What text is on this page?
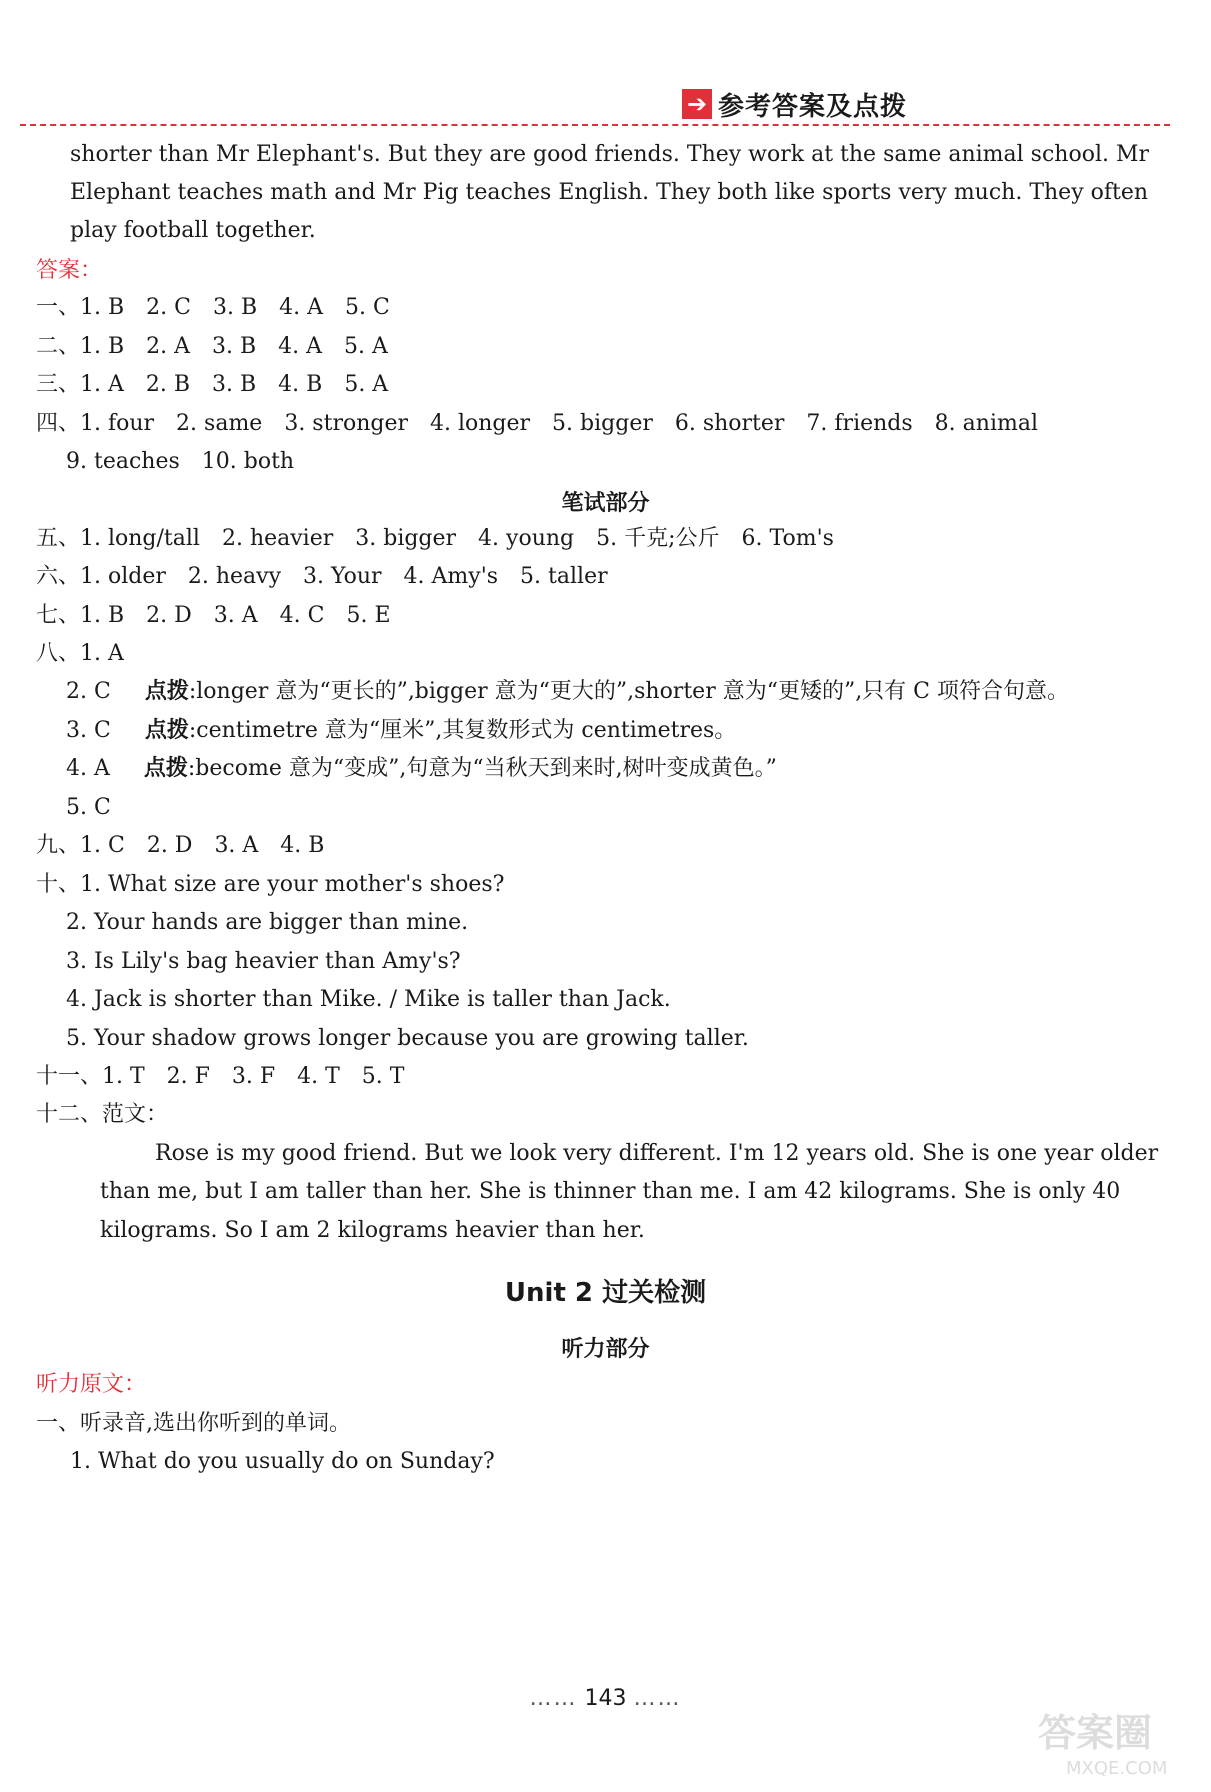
➔ 参考答案及点拨
shorter than Mr Elephant's. But they are good friends. They work at the same animal school. Mr
Elephant teaches math and Mr Pig teaches English. They both like sports very much. They often
play football together.
答案：
一、1. B　2. C　3. B　4. A　5. C
二、1. B　2. A　3. B　4. A　5. A
三、1. A　2. B　3. B　4. B　5. A
四、1. four　2. same　3. stronger　4. longer　5. bigger　6. shorter　7. friends　8. animal
9. teaches　10. both
笔试部分
五、1. long/tall　2. heavier　3. bigger　4. young　5. 千克;公斤　6. Tom's
六、1. older　2. heavy　3. Your　4. Amy's　5. taller
七、1. B　2. D　3. A　4. C　5. E
八、1. A
2. C 点拨:longer 意为“更长的”,bigger 意为“更大的”,shorter 意为“更矮的”,只有 C 项符合句意。
3. C 点拨:centimetre 意为“厘米”,其复数形式为 centimetres。
4. A 点拨:become 意为“变成”,句意为“当秋天到来时,树叶变成黄色。”
5. C
九、1. C　2. D　3. A　4. B
十、1. What size are your mother's shoes?
2. Your hands are bigger than mine.
3. Is Lily's bag heavier than Amy's?
4. Jack is shorter than Mike. / Mike is taller than Jack.
5. Your shadow grows longer because you are growing taller.
十一、1. T　2. F　3. F　4. T　5. T
十二、范文：
Rose is my good friend. But we look very different. I'm 12 years old. She is one year older
than me, but I am taller than her. She is thinner than me. I am 42 kilograms. She is only 40
kilograms. So I am 2 kilograms heavier than her.
Unit 2 过关检测
听力部分
听力原文：
一、听录音,选出你听到的单词。
1. What do you usually do on Sunday?
…… 143 ……
答案圈
MXQE.COM
